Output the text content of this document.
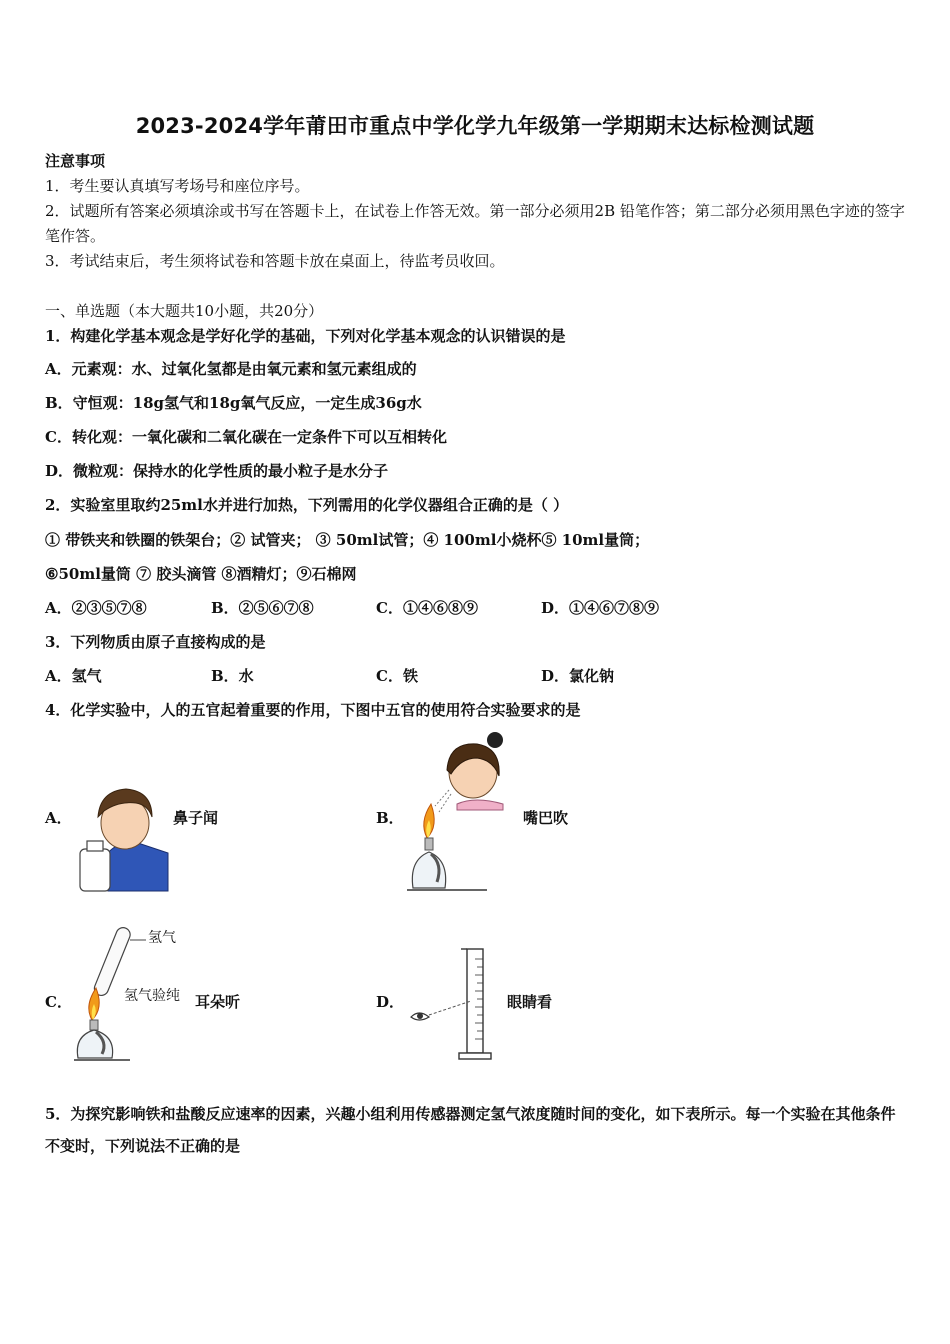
2023-2024学年莆田市重点中学化学九年级第一学期期末达标检测试题
注意事项
1．考生要认真填写考场号和座位序号。
2．试题所有答案必须填涂或书写在答题卡上，在试卷上作答无效。第一部分必须用2B 铅笔作答；第二部分必须用黑色字迹的签字笔作答。
3．考试结束后，考生须将试卷和答题卡放在桌面上，待监考员收回。
一、单选题（本大题共10小题，共20分）
1．构建化学基本观念是学好化学的基础，下列对化学基本观念的认识错误的是
A．元素观：水、过氧化氢都是由氧元素和氢元素组成的
B．守恒观：18g氢气和18g氧气反应，一定生成36g水
C．转化观：一氧化碳和二氧化碳在一定条件下可以互相转化
D．微粒观：保持水的化学性质的最小粒子是水分子
2．实验室里取约25ml水并进行加热，下列需用的化学仪器组合正确的是（ ）
① 带铁夹和铁圈的铁架台；② 试管夹； ③ 50ml试管；④ 100ml小烧杯⑤ 10ml量筒；
⑥50ml量筒 ⑦ 胶头滴管 ⑧酒精灯；⑨石棉网
A．②③⑤⑦⑧	B．②⑤⑥⑦⑧	C．①④⑥⑧⑨	D．①④⑥⑦⑧⑨
3．下列物质由原子直接构成的是
A．氢气	B．水	C．铁	D．氯化钠
4．化学实验中，人的五官起着重要的作用，下图中五官的使用符合实验要求的是
A．	鼻子闻	B．	嘴巴吹
C．
氢气
氢气验纯 耳朵听	D．	眼睛看
5．为探究影响铁和盐酸反应速率的因素，兴趣小组利用传感器测定氢气浓度随时间的变化，如下表所示。每一个实验在其他条件不变时，下列说法不正确的是
